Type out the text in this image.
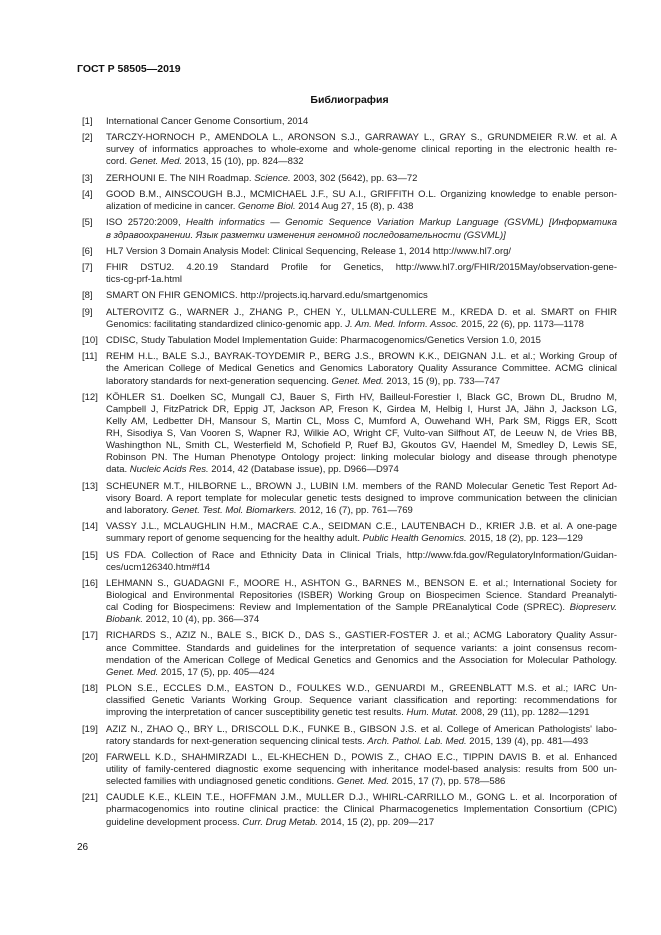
ГОСТ Р 58505—2019
Библиография
[1]	International Cancer Genome Consortium, 2014
[2]	TARCZY-HORNOCH P., AMENDOLA L., ARONSON S.J., GARRAWAY L., GRAY S., GRUNDMEIER R.W. et al. A
survey of informatics approaches to whole-exome and whole-genome clinical reporting in the electronic health re-
cord. Genet. Med. 2013, 15 (10), pp. 824—832
[3]	ZERHOUNI E. The NIH Roadmap. Science. 2003, 302 (5642), pp. 63—72
[4]	GOOD B.M., AINSCOUGH B.J., MCMICHAEL J.F., SU A.I., GRIFFITH O.L. Organizing knowledge to enable person-
alization of medicine in cancer. Genome Biol. 2014 Aug 27, 15 (8), p. 438
[5]	ISO 25720:2009, Health informatics — Genomic Sequence Variation Markup Language (GSVML) [Информатика
в здравоохранении. Язык разметки изменения геномной последовательности (GSVML)]
[6]	HL7 Version 3 Domain Analysis Model: Clinical Sequencing, Release 1, 2014 http://www.hl7.org/
[7]	FHIR DSTU2. 4.20.19 Standard Profile for Genetics, http://www.hl7.org/FHIR/2015May/observation-gene-
tics-cg-prf-1a.html
[8]	SMART ON FHIR GENOMICS. http://projects.iq.harvard.edu/smartgenomics
[9]	ALTEROVITZ G., WARNER J., ZHANG P., CHEN Y., ULLMAN-CULLERE M., KREDA D. et al. SMART on FHIR
Genomics: facilitating standardized clinico-genomic app. J. Am. Med. Inform. Assoc. 2015, 22 (6), pp. 1173—1178
[10] CDISC, Study Tabulation Model Implementation Guide: Pharmacogenomics/Genetics Version 1.0, 2015
[11] REHM H.L., BALE S.J., BAYRAK-TOYDEMIR P., BERG J.S., BROWN K.K., DEIGNAN J.L. et al.; Working Group of
the American College of Medical Genetics and Genomics Laboratory Quality Assurance Committee. ACMG clinical
laboratory standards for next-generation sequencing. Genet. Med. 2013, 15 (9), pp. 733—747
[12] KÖHLER S1. Doelken SC, Mungall CJ, Bauer S, Firth HV, Bailleul-Forestier I, Black GC, Brown DL, Brudno M,
Campbell J, FitzPatrick DR, Eppig JT, Jackson AP, Freson K, Girdea M, Helbig I, Hurst JA, Jähn J, Jackson LG,
Kelly AM, Ledbetter DH, Mansour S, Martin CL, Moss C, Mumford A, Ouwehand WH, Park SM, Riggs ER, Scott
RH, Sisodiya S, Van Vooren S, Wapner RJ, Wilkie AO, Wright CF, Vulto-van Silfhout AT, de Leeuw N, de Vries BB,
Washingthon NL, Smith CL, Westerfield M, Schofield P, Ruef BJ, Gkoutos GV, Haendel M, Smedley D, Lewis SE,
Robinson PN. The Human Phenotype Ontology project: linking molecular biology and disease through phenotype
data. Nucleic Acids Res. 2014, 42 (Database issue), pp. D966—D974
[13] SCHEUNER M.T., HILBORNE L., BROWN J., LUBIN I.M. members of the RAND Molecular Genetic Test Report Ad-
visory Board. A report template for molecular genetic tests designed to improve communication between the clinician
and laboratory. Genet. Test. Mol. Biomarkers. 2012, 16 (7), pp. 761—769
[14] VASSY J.L., MCLAUGHLIN H.M., MACRAE C.A., SEIDMAN C.E., LAUTENBACH D., KRIER J.B. et al. A one-page
summary report of genome sequencing for the healthy adult. Public Health Genomics. 2015, 18 (2), pp. 123—129
[15] US FDA. Collection of Race and Ethnicity Data in Clinical Trials, http://www.fda.gov/RegulatoryInformation/Guidan-
ces/ucm126340.htm#f14
[16] LEHMANN S., GUADAGNI F., MOORE H., ASHTON G., BARNES M., BENSON E. et al.; International Society for
Biological and Environmental Repositories (ISBER) Working Group on Biospecimen Science. Standard Preanalyti-
cal Coding for Biospecimens: Review and Implementation of the Sample PREanalytical Code (SPREC). Biopreserv.
Biobank. 2012, 10 (4), pp. 366—374
[17] RICHARDS S., AZIZ N., BALE S., BICK D., DAS S., GASTIER-FOSTER J. et al.; ACMG Laboratory Quality Assur-
ance Committee. Standards and guidelines for the interpretation of sequence variants: a joint consensus recom-
mendation of the American College of Medical Genetics and Genomics and the Association for Molecular Pathology.
Genet. Med. 2015, 17 (5), pp. 405—424
[18] PLON S.E., ECCLES D.M., EASTON D., FOULKES W.D., GENUARDI M., GREENBLATT M.S. et al.; IARC Un-
classified Genetic Variants Working Group. Sequence variant classification and reporting: recommendations for
improving the interpretation of cancer susceptibility genetic test results. Hum. Mutat. 2008, 29 (11), pp. 1282—1291
[19] AZIZ N., ZHAO Q., BRY L., DRISCOLL D.K., FUNKE B., GIBSON J.S. et al. College of American Pathologists' labo-
ratory standards for next-generation sequencing clinical tests. Arch. Pathol. Lab. Med. 2015, 139 (4), pp. 481—493
[20] FARWELL K.D., SHAHMIRZADI L., EL-KHECHEN D., POWIS Z., CHAO E.C., TIPPIN DAVIS B. et al. Enhanced
utility of family-centered diagnostic exome sequencing with inheritance model-based analysis: results from 500 un-
selected families with undiagnosed genetic conditions. Genet. Med. 2015, 17 (7), pp. 578—586
[21] CAUDLE K.E., KLEIN T.E., HOFFMAN J.M., MULLER D.J., WHIRL-CARRILLO M., GONG L. et al. Incorporation of
pharmacogenomics into routine clinical practice: the Clinical Pharmacogenetics Implementation Consortium (CPIC)
guideline development process. Curr. Drug Metab. 2014, 15 (2), pp. 209—217
26
